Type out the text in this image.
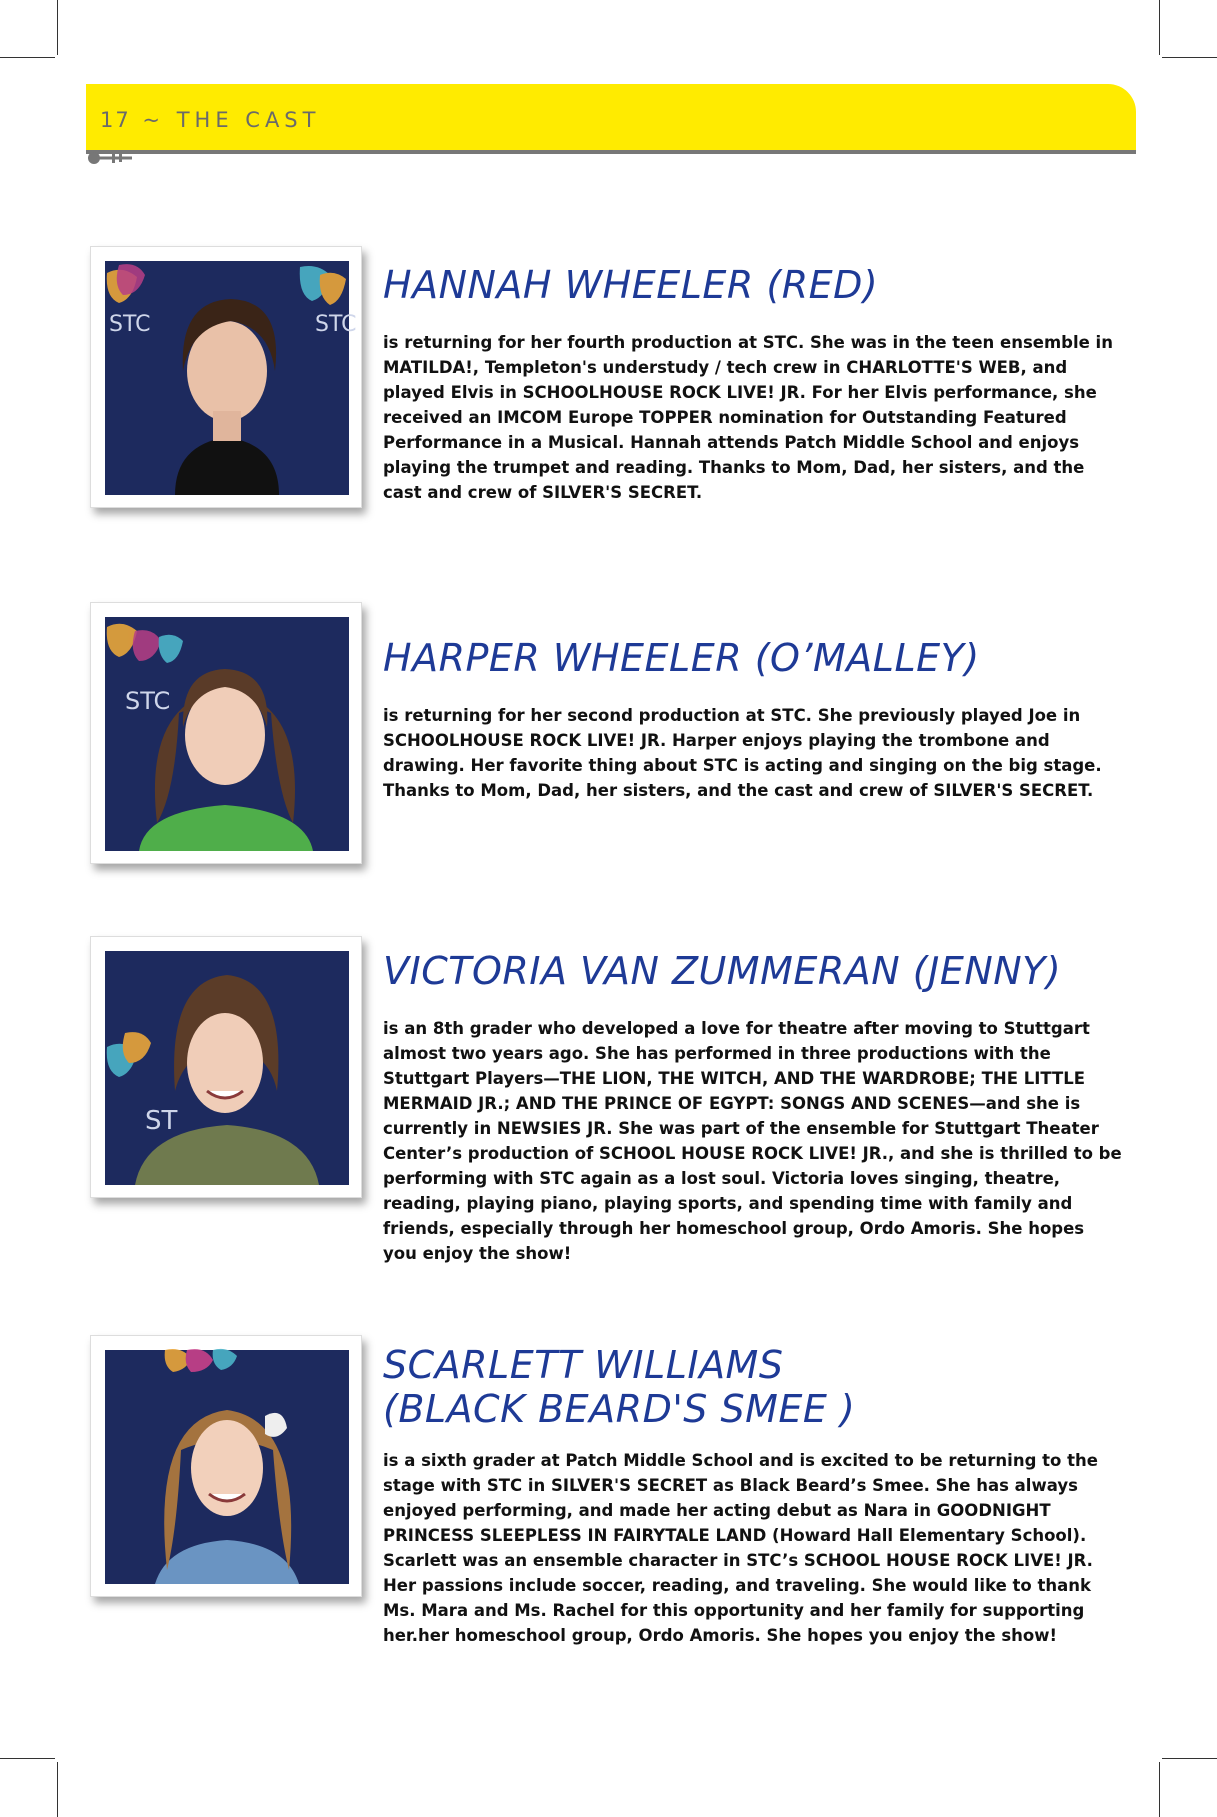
17 ~ THE CAST
STC	STC
HANNAH WHEELER (RED)
is returning for her fourth production at STC. She was in the teen ensemble in MATILDA!, Templeton's understudy / tech crew in CHARLOTTE'S WEB, and played Elvis in SCHOOLHOUSE ROCK LIVE! JR. For her Elvis performance, she received an IMCOM Europe TOPPER nomination for Outstanding Featured Performance in a Musical. Hannah attends Patch Middle School and enjoys playing the trumpet and reading. Thanks to Mom, Dad, her sisters, and the cast and crew of SILVER'S SECRET.
STC
HARPER WHEELER (O’MALLEY)
is returning for her second production at STC. She previously played Joe in SCHOOLHOUSE ROCK LIVE! JR. Harper enjoys playing the trombone and drawing. Her favorite thing about STC is acting and singing on the big stage. Thanks to Mom, Dad, her sisters, and the cast and crew of SILVER'S SECRET.
ST
VICTORIA VAN ZUMMERAN (JENNY)
is an 8th grader who developed a love for theatre after moving to Stuttgart almost two years ago. She has performed in three productions with the Stuttgart Players—THE LION, THE WITCH, AND THE WARDROBE; THE LITTLE MERMAID JR.; AND THE PRINCE OF EGYPT: SONGS AND SCENES—and she is currently in NEWSIES JR. She was part of the ensemble for Stuttgart Theater Center’s production of SCHOOL HOUSE ROCK LIVE! JR., and she is thrilled to be performing with STC again as a lost soul. Victoria loves singing, theatre, reading, playing piano, playing sports, and spending time with family and friends, especially through her homeschool group, Ordo Amoris. She hopes you enjoy the show!
SCARLETT WILLIAMS
(BLACK BEARD'S SMEE )
is a sixth grader at Patch Middle School and is excited to be returning to the stage with STC in SILVER'S SECRET as Black Beard’s Smee. She has always enjoyed performing, and made her acting debut as Nara in GOODNIGHT PRINCESS SLEEPLESS IN FAIRYTALE LAND (Howard Hall Elementary School). Scarlett was an ensemble character in STC’s SCHOOL HOUSE ROCK LIVE! JR. Her passions include soccer, reading, and traveling. She would like to thank Ms. Mara and Ms. Rachel for this opportunity and her family for supporting her.her homeschool group, Ordo Amoris. She hopes you enjoy the show!
